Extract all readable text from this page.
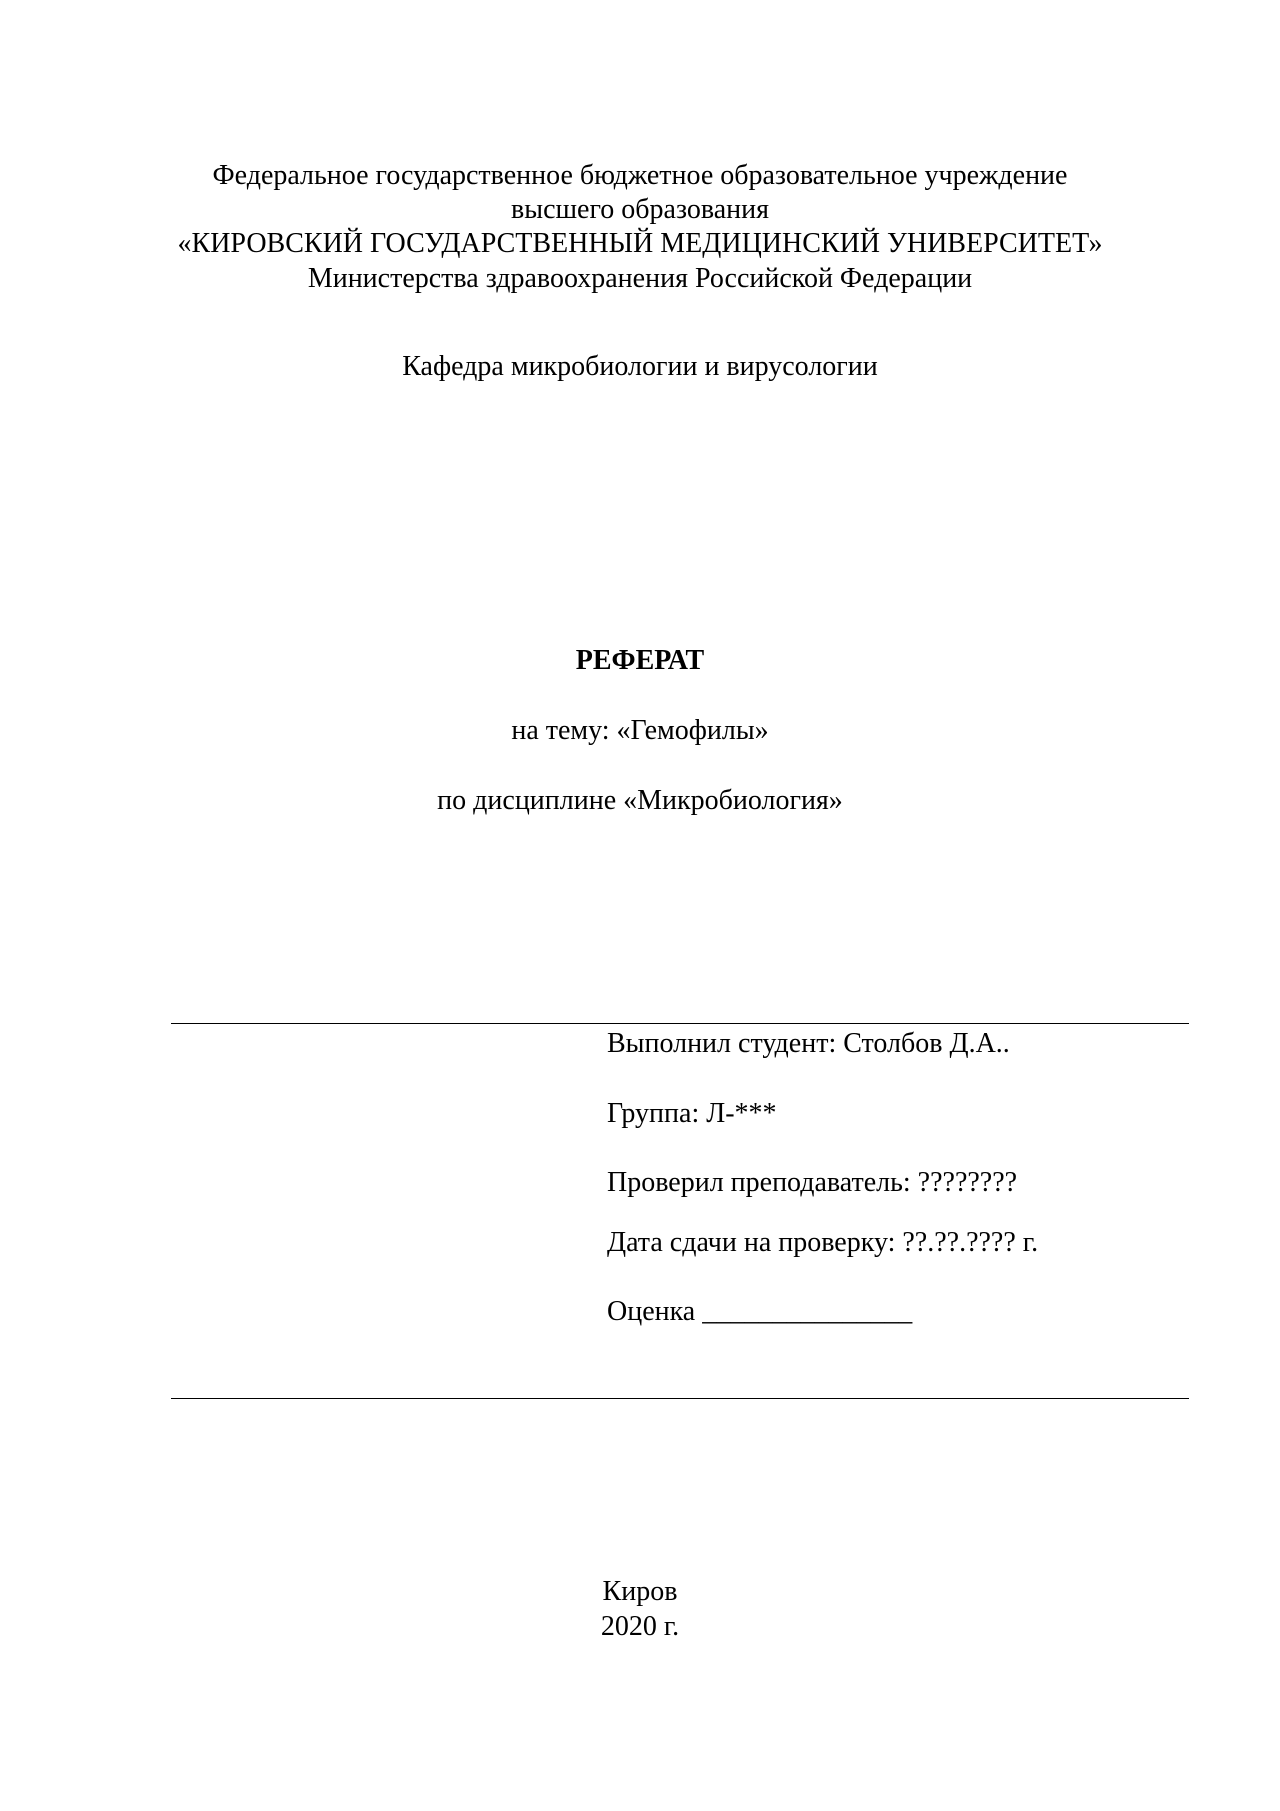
Федеральное государственное бюджетное образовательное учреждение
высшего образования
«КИРОВСКИЙ ГОСУДАРСТВЕННЫЙ МЕДИЦИНСКИЙ УНИВЕРСИТЕТ»
Министерства здравоохранения Российской Федерации
Кафедра микробиологии и вирусологии
РЕФЕРАТ
на тему: «Гемофилы»
по дисциплине «Микробиология»
Выполнил студент: Столбов Д.А..
Группа: Л-***
Проверил преподаватель: ????????
Дата сдачи на проверку: ??.??.???? г.
Оценка _______________
Киров
2020 г.
